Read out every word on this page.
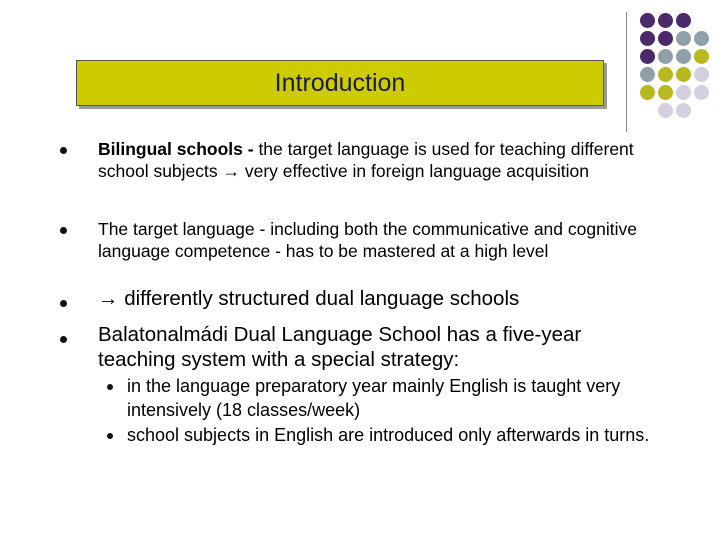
Introduction
Bilingual schools - the target language is used for teaching different school subjects → very effective in foreign language acquisition
The target language - including both the communicative and cognitive language competence - has to be mastered at a high level
→ differently structured dual language schools
Balatonalmádi Dual Language School has a five-year teaching system with a special strategy:
in the language preparatory year mainly English is taught very intensively (18 classes/week)
school subjects in English are introduced only afterwards in turns.
